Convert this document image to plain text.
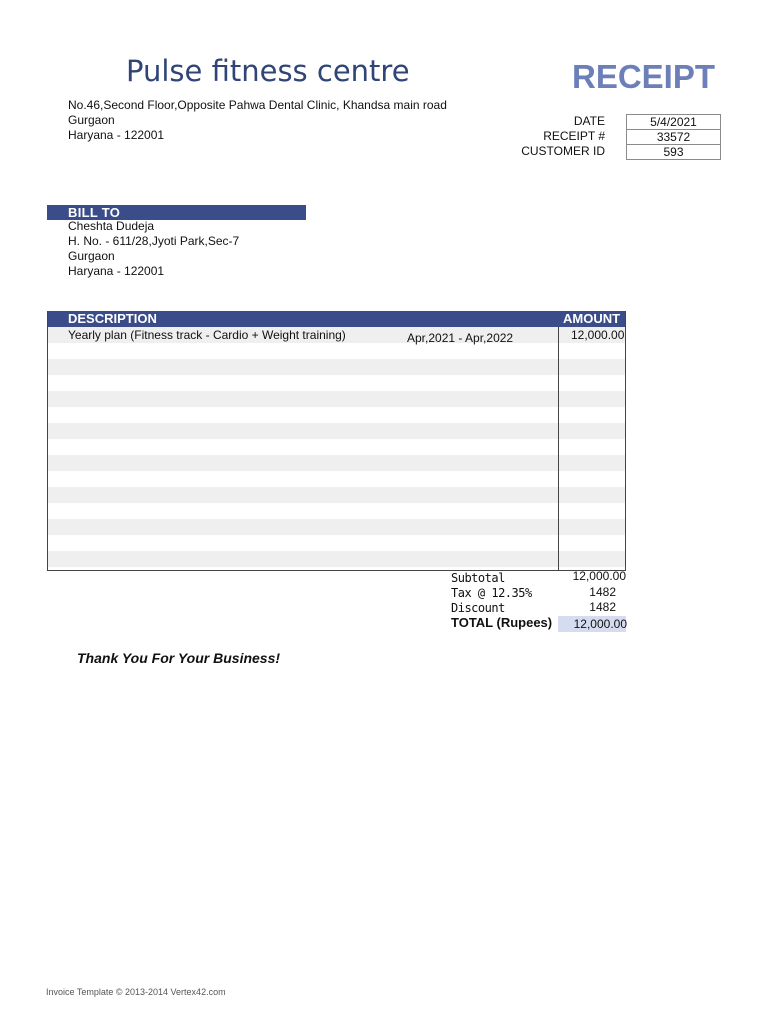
Pulse fitness centre	RECEIPT
No.46,Second Floor,Opposite Pahwa Dental Clinic, Khandsa main road
Gurgaon
Haryana - 122001
DATE	5/4/2021
RECEIPT #	33572
CUSTOMER ID	593
BILL TO
Cheshta Dudeja
H. No. - 611/28,Jyoti Park,Sec-7
Gurgaon
Haryana - 122001
DESCRIPTION	AMOUNT
Yearly plan (Fitness track - Cardio + Weight training)	Apr,2021 - Apr,2022	12,000.00
Subtotal	12,000.00
Tax @ 12.35%	1482
Discount	1482
TOTAL (Rupees)	12,000.00
Thank You For Your Business!
Invoice Template © 2013-2014 Vertex42.com
